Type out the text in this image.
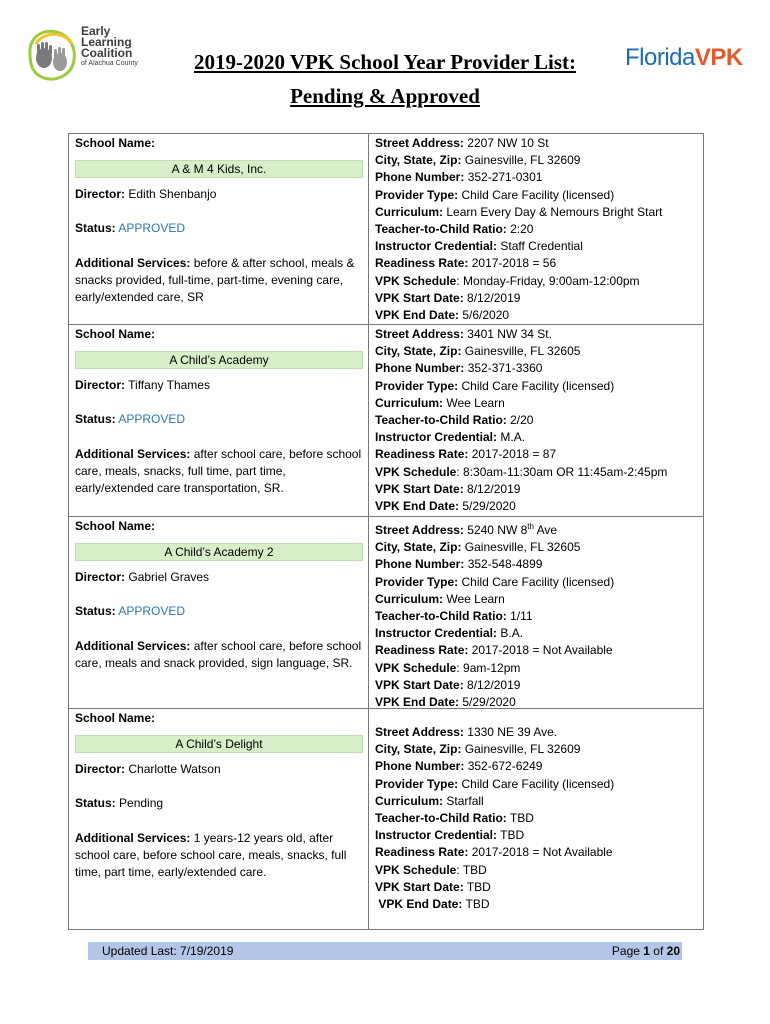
Early
Learning
Coalition
of Alachua County	2019-2020 VPK School Year Provider List:
Pending & Approved
FloridaVPK
School Name:
A & M 4 Kids, Inc.
Director: Edith Shenbanjo
Status: APPROVED
Additional Services: before & after school, meals & snacks provided, full-time, part-time, evening care, early/extended care, SR
Street Address: 2207 NW 10 St
City, State, Zip: Gainesville, FL 32609
Phone Number: 352-271-0301
Provider Type: Child Care Facility (licensed)
Curriculum: Learn Every Day & Nemours Bright Start
Teacher-to-Child Ratio: 2:20
Instructor Credential: Staff Credential
Readiness Rate: 2017-2018 = 56
VPK Schedule: Monday-Friday, 9:00am-12:00pm
VPK Start Date: 8/12/2019
VPK End Date: 5/6/2020
School Name:
A Child’s Academy
Director: Tiffany Thames
Status: APPROVED
Additional Services: after school care, before school care, meals, snacks, full time, part time, early/extended care transportation, SR.
Street Address: 3401 NW 34 St.
City, State, Zip: Gainesville, FL 32605
Phone Number: 352-371-3360
Provider Type: Child Care Facility (licensed)
Curriculum: Wee Learn
Teacher-to-Child Ratio: 2/20
Instructor Credential: M.A.
Readiness Rate: 2017-2018 = 87
VPK Schedule: 8:30am-11:30am OR 11:45am-2:45pm
VPK Start Date: 8/12/2019
VPK End Date: 5/29/2020
School Name:
A Child’s Academy 2
Director: Gabriel Graves
Status: APPROVED
Additional Services: after school care, before school care, meals and snack provided, sign language, SR.
Street Address: 5240 NW 8th Ave
City, State, Zip: Gainesville, FL 32605
Phone Number: 352-548-4899
Provider Type: Child Care Facility (licensed)
Curriculum: Wee Learn
Teacher-to-Child Ratio: 1/11
Instructor Credential: B.A.
Readiness Rate: 2017-2018 = Not Available
VPK Schedule: 9am-12pm
VPK Start Date: 8/12/2019
VPK End Date: 5/29/2020
School Name:
A Child’s Delight
Director: Charlotte Watson
Status: Pending
Additional Services: 1 years-12 years old, after school care, before school care, meals, snacks, full time, part time, early/extended care.
Street Address: 1330 NE 39 Ave.
City, State, Zip: Gainesville, FL 32609
Phone Number: 352-672-6249
Provider Type: Child Care Facility (licensed)
Curriculum: Starfall
Teacher-to-Child Ratio: TBD
Instructor Credential: TBD
Readiness Rate: 2017-2018 = Not Available
VPK Schedule: TBD
VPK Start Date: TBD
VPK End Date: TBD
Updated Last: 7/19/2019	Page 1 of 20
